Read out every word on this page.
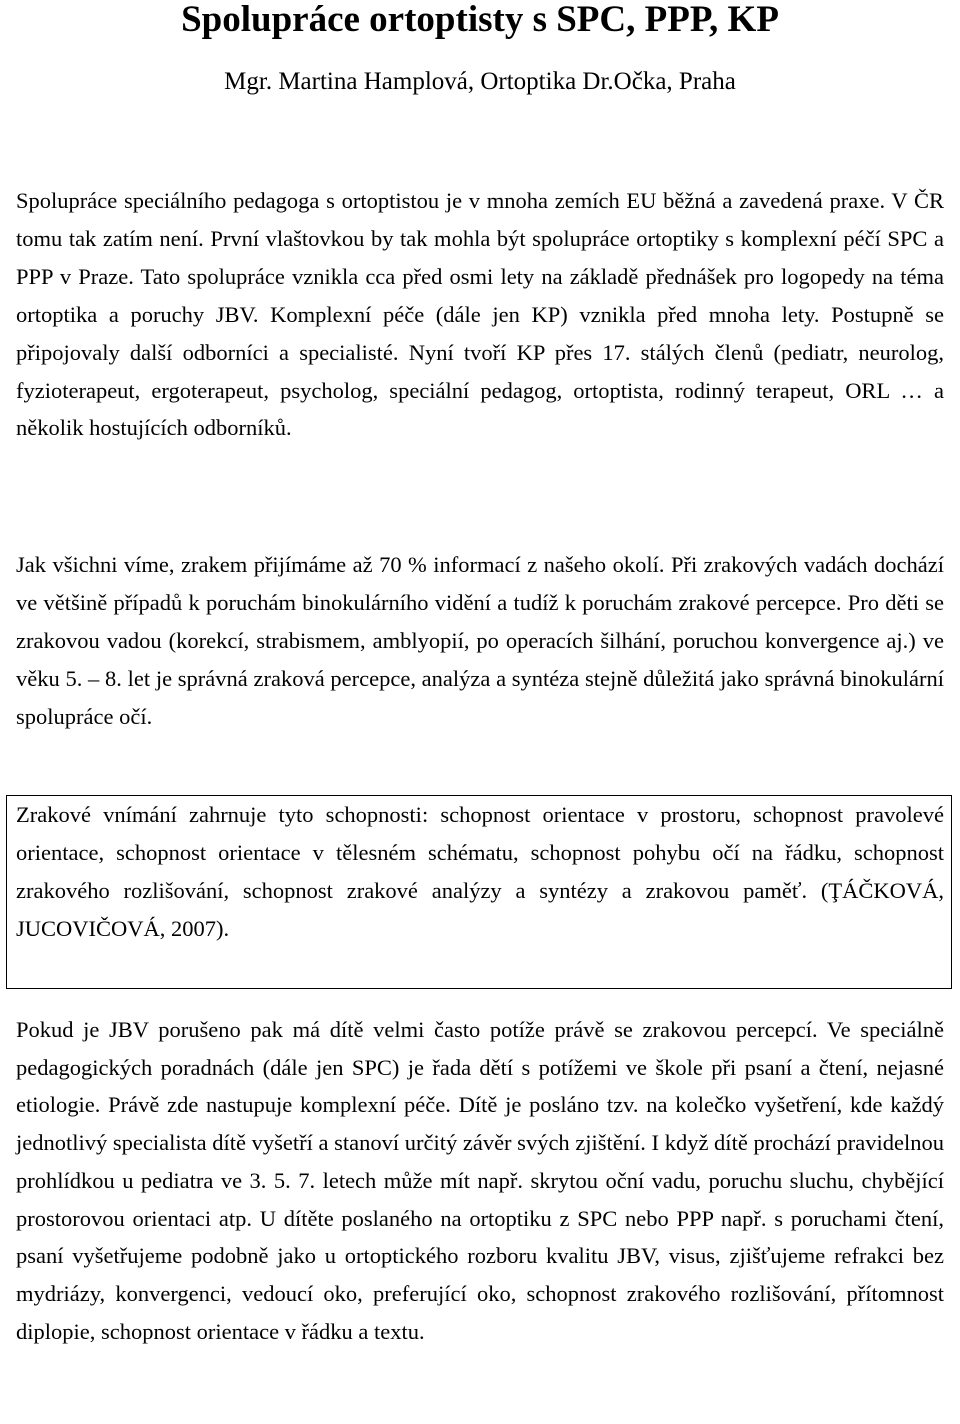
Spolupráce ortoptisty s SPC, PPP, KP

Mgr. Martina Hamplová, Ortoptika Dr.Očka, Praha

Spolupráce speciálního pedagoga s ortoptistou je v mnoha zemích EU běžná a zavedená praxe. V ČR tomu tak zatím není. První vlaštovkou by tak mohla být spolupráce ortoptiky s komplexní péčí SPC a PPP v Praze. Tato spolupráce vznikla cca před osmi lety na základě přednášek pro logopedy na téma ortoptika a poruchy JBV. Komplexní péče (dále jen KP) vznikla před mnoha lety. Postupně se připojovaly další odborníci a specialisté. Nyní tvoří KP přes 17. stálých členů (pediatr, neurolog, fyzioterapeut, ergoterapeut, psycholog, speciální pedagog, ortoptista, rodinný terapeut, ORL … a několik hostujících odborníků.

Jak všichni víme, zrakem přijímáme až 70 % informací z našeho okolí. Při zrakových vadách dochází ve většině případů k poruchám binokulárního vidění a tudíž k poruchám zrakové percepce. Pro děti se zrakovou vadou (korekcí, strabismem, amblyopií, po operacích šilhání, poruchou konvergence aj.) ve věku 5. – 8. let je správná zraková percepce, analýza a syntéza stejně důležitá jako správná binokulární spolupráce očí.

Zrakové vnímání zahrnuje tyto schopnosti: schopnost orientace v prostoru, schopnost pravolevé orientace, schopnost orientace v tělesném schématu, schopnost pohybu očí na řádku, schopnost zrakového rozlišování, schopnost zrakové analýzy a syntézy a zrakovou paměť. (ŢÁČKOVÁ, JUCOVIČOVÁ, 2007).

Pokud je JBV porušeno pak má dítě velmi často potíže právě se zrakovou percepcí. Ve speciálně pedagogických poradnách (dále jen SPC) je řada dětí s potížemi ve škole při psaní a čtení, nejasné etiologie. Právě zde nastupuje komplexní péče. Dítě je posláno tzv. na kolečko vyšetření, kde každý jednotlivý specialista dítě vyšetří a stanoví určitý závěr svých zjištění. I když dítě prochází pravidelnou prohlídkou u pediatra ve 3. 5. 7. letech může mít např. skrytou oční vadu, poruchu sluchu, chybějící prostorovou orientaci atp. U dítěte poslaného na ortoptiku z SPC nebo PPP např. s poruchami čtení, psaní vyšetřujeme podobně jako u ortoptického rozboru kvalitu JBV, visus, zjišťujeme refrakci bez mydriázy, konvergenci, vedoucí oko, preferující oko, schopnost zrakového rozlišování, přítomnost diplopie, schopnost orientace v řádku a textu.
